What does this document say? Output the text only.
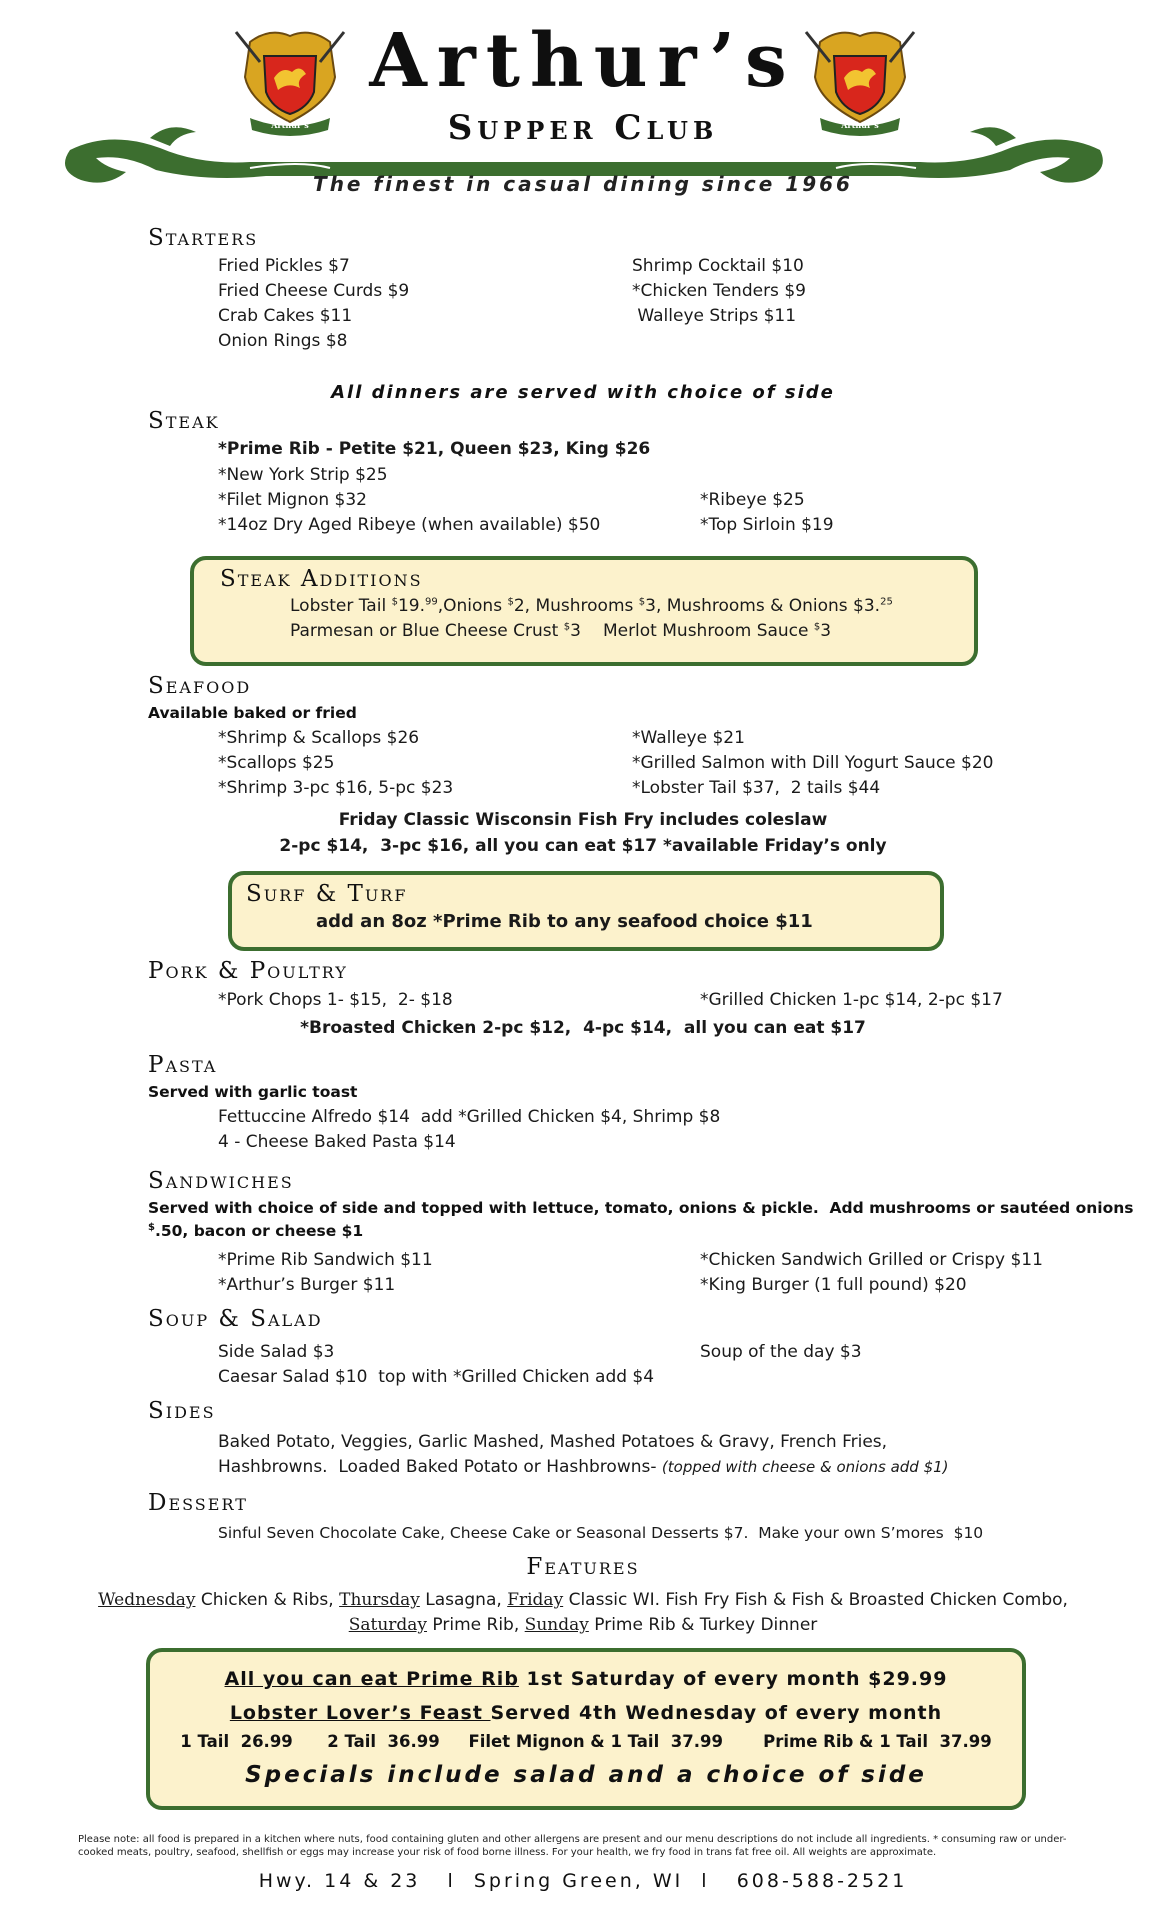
Arthur’s	Arthur’s
Arthur’s
Supper Club
The finest in casual dining since 1966
Starters
Fried Pickles $7
Fried Cheese Curds $9
Crab Cakes $11
Onion Rings $8
Shrimp Cocktail $10
*Chicken Tenders $9
Walleye Strips $11
All dinners are served with choice of side
Steak
*Prime Rib - Petite $21, Queen $23, King $26
*New York Strip $25
*Filet Mignon $32
*14oz Dry Aged Ribeye (when available) $50
*Ribeye $25
*Top Sirloin $19
Steak Additions
Lobster Tail $19.99,Onions $2, Mushrooms $3, Mushrooms & Onions $3.25
Parmesan or Blue Cheese Crust $3 Merlot Mushroom Sauce $3
Seafood
Available baked or fried
*Shrimp & Scallops $26
*Scallops $25
*Shrimp 3-pc $16, 5-pc $23
*Walleye $21
*Grilled Salmon with Dill Yogurt Sauce $20
*Lobster Tail $37,  2 tails $44
Friday Classic Wisconsin Fish Fry includes coleslaw
2-pc $14,  3-pc $16, all you can eat $17 *available Friday’s only
Surf & Turf
add an 8oz *Prime Rib to any seafood choice $11
Pork & Poultry
*Pork Chops 1- $15,  2- $18	*Grilled Chicken 1-pc $14, 2-pc $17
*Broasted Chicken 2-pc $12,  4-pc $14,  all you can eat $17
Pasta
Served with garlic toast
Fettuccine Alfredo $14  add *Grilled Chicken $4, Shrimp $8
4 - Cheese Baked Pasta $14
Sandwiches
Served with choice of side and topped with lettuce, tomato, onions & pickle.  Add mushrooms or sautéed onions
$.50, bacon or cheese $1
*Prime Rib Sandwich $11
*Arthur’s Burger $11
*Chicken Sandwich Grilled or Crispy $11
*King Burger (1 full pound) $20
Soup & Salad
Side Salad $3
Caesar Salad $10  top with *Grilled Chicken add $4
Soup of the day $3
Sides
Baked Potato, Veggies, Garlic Mashed, Mashed Potatoes & Gravy, French Fries,
Hashbrowns.  Loaded Baked Potato or Hashbrowns- (topped with cheese & onions add $1)
Dessert
Sinful Seven Chocolate Cake, Cheese Cake or Seasonal Desserts $7.  Make your own S’mores  $10
Features
Wednesday Chicken & Ribs, Thursday Lasagna, Friday Classic WI. Fish Fry Fish & Fish & Broasted Chicken Combo,
Saturday Prime Rib, Sunday Prime Rib & Turkey Dinner
All you can eat Prime Rib 1st Saturday of every month $29.99
Lobster Lover’s Feast Served 4th Wednesday of every month
1 Tail  26.99      2 Tail  36.99     Filet Mignon & 1 Tail  37.99       Prime Rib & 1 Tail  37.99
Specials include salad and a choice of side
Please note: all food is prepared in a kitchen where nuts, food containing gluten and other allergens are present and our menu descriptions do not include all ingredients. * consuming raw or under-cooked meats, poultry, seafood, shellfish or eggs may increase your risk of food borne illness. For your health, we fry food in trans fat free oil. All weights are approximate.
Hwy. 14 & 23   l  Spring Green, WI  l   608-588-2521
